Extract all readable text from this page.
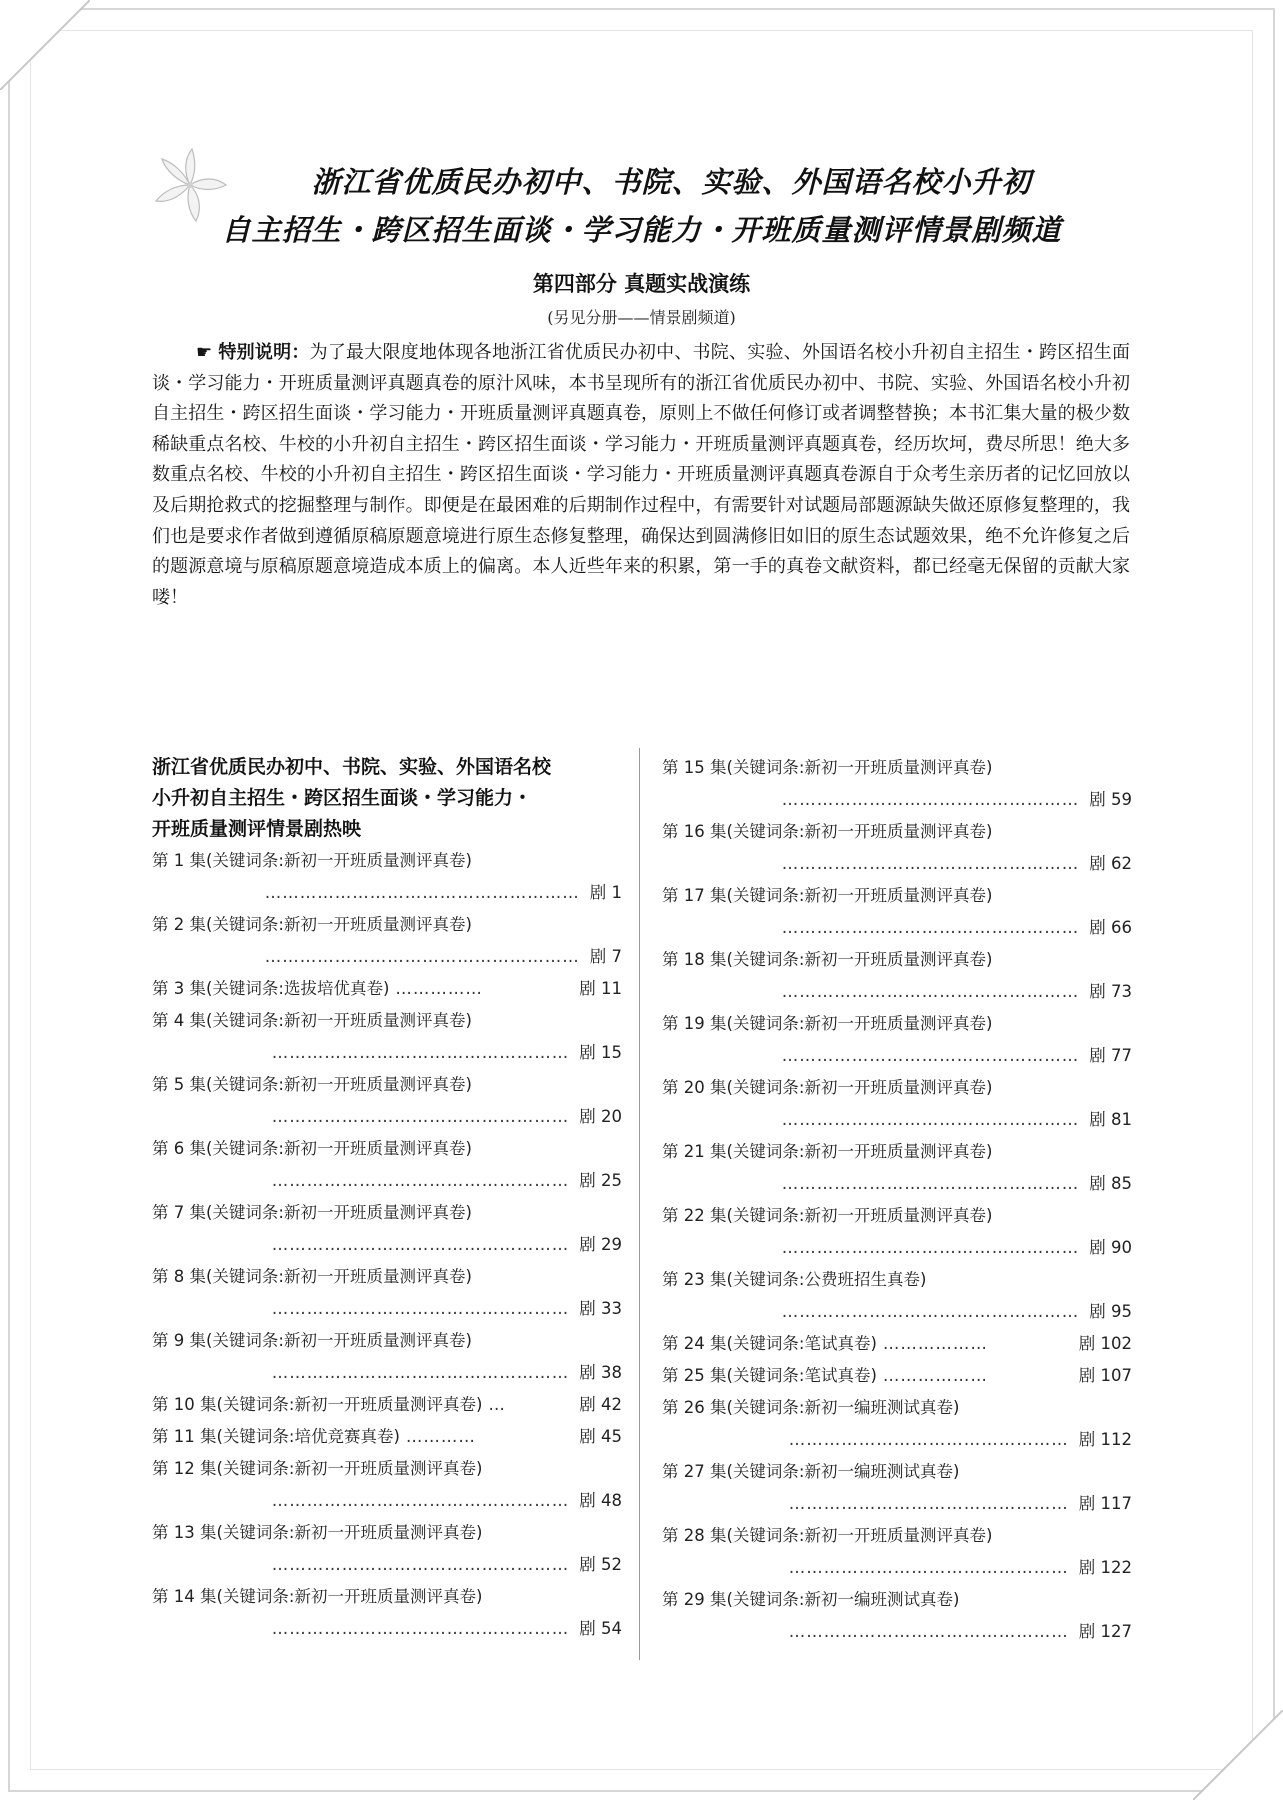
浙江省优质民办初中、书院、实验、外国语名校小升初
自主招生・跨区招生面谈・学习能力・开班质量测评情景剧频道
第四部分 真题实战演练
(另见分册——情景剧频道)
☛ 特别说明：为了最大限度地体现各地浙江省优质民办初中、书院、实验、外国语名校小升初自主招生・跨区招生面谈・学习能力・开班质量测评真题真卷的原汁风味，本书呈现所有的浙江省优质民办初中、书院、实验、外国语名校小升初自主招生・跨区招生面谈・学习能力・开班质量测评真题真卷，原则上不做任何修订或者调整替换；本书汇集大量的极少数稀缺重点名校、牛校的小升初自主招生・跨区招生面谈・学习能力・开班质量测评真题真卷，经历坎坷，费尽所思！绝大多数重点名校、牛校的小升初自主招生・跨区招生面谈・学习能力・开班质量测评真题真卷源自于众考生亲历者的记忆回放以及后期抢救式的挖掘整理与制作。即便是在最困难的后期制作过程中，有需要针对试题局部题源缺失做还原修复整理的，我们也是要求作者做到遵循原稿原题意境进行原生态修复整理，确保达到圆满修旧如旧的原生态试题效果，绝不允许修复之后的题源意境与原稿原题意境造成本质上的偏离。本人近些年来的积累，第一手的真卷文献资料，都已经毫无保留的贡献大家喽！
浙江省优质民办初中、书院、实验、外国语名校
小升初自主招生・跨区招生面谈・学习能力・
开班质量测评情景剧热映
第 1 集(关键词条:新初一开班质量测评真卷)
……………………………………………… 剧 1
第 2 集(关键词条:新初一开班质量测评真卷)
……………………………………………… 剧 7
第 3 集(关键词条:选拔培优真卷) ……………	剧 11
第 4 集(关键词条:新初一开班质量测评真卷)
…………………………………………… 剧 15
第 5 集(关键词条:新初一开班质量测评真卷)
…………………………………………… 剧 20
第 6 集(关键词条:新初一开班质量测评真卷)
…………………………………………… 剧 25
第 7 集(关键词条:新初一开班质量测评真卷)
…………………………………………… 剧 29
第 8 集(关键词条:新初一开班质量测评真卷)
…………………………………………… 剧 33
第 9 集(关键词条:新初一开班质量测评真卷)
…………………………………………… 剧 38
第 10 集(关键词条:新初一开班质量测评真卷) …	剧 42
第 11 集(关键词条:培优竞赛真卷) …………	剧 45
第 12 集(关键词条:新初一开班质量测评真卷)
…………………………………………… 剧 48
第 13 集(关键词条:新初一开班质量测评真卷)
…………………………………………… 剧 52
第 14 集(关键词条:新初一开班质量测评真卷)
…………………………………………… 剧 54
第 15 集(关键词条:新初一开班质量测评真卷)
…………………………………………… 剧 59
第 16 集(关键词条:新初一开班质量测评真卷)
…………………………………………… 剧 62
第 17 集(关键词条:新初一开班质量测评真卷)
…………………………………………… 剧 66
第 18 集(关键词条:新初一开班质量测评真卷)
…………………………………………… 剧 73
第 19 集(关键词条:新初一开班质量测评真卷)
…………………………………………… 剧 77
第 20 集(关键词条:新初一开班质量测评真卷)
…………………………………………… 剧 81
第 21 集(关键词条:新初一开班质量测评真卷)
…………………………………………… 剧 85
第 22 集(关键词条:新初一开班质量测评真卷)
…………………………………………… 剧 90
第 23 集(关键词条:公费班招生真卷)
…………………………………………… 剧 95
第 24 集(关键词条:笔试真卷) ………………	剧 102
第 25 集(关键词条:笔试真卷) ………………	剧 107
第 26 集(关键词条:新初一编班测试真卷)
………………………………………… 剧 112
第 27 集(关键词条:新初一编班测试真卷)
………………………………………… 剧 117
第 28 集(关键词条:新初一开班质量测评真卷)
………………………………………… 剧 122
第 29 集(关键词条:新初一编班测试真卷)
………………………………………… 剧 127
